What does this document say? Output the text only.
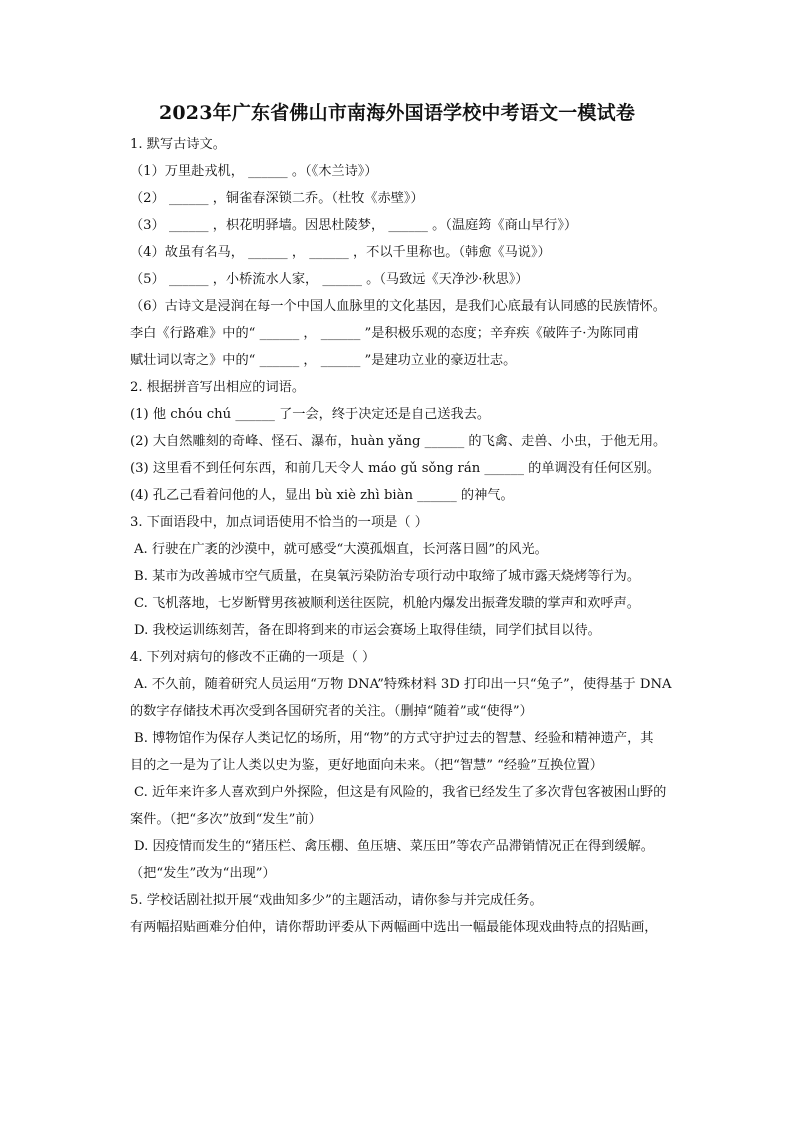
2023年广东省佛山市南海外国语学校中考语文一模试卷
1. 默写古诗文。
（1）万里赴戎机， ______ 。（《木兰诗》）
（2） ______ ，铜雀春深锁二乔。（杜牧《赤壁》）
（3） ______ ，枳花明驿墙。因思杜陵梦， ______ 。（温庭筠《商山早行》）
（4）故虽有名马， ______ ， ______ ，不以千里称也。（韩愈《马说》）
（5） ______ ，小桥流水人家， ______ 。（马致远《天净沙·秋思》）
（6）古诗文是浸润在每一个中国人血脉里的文化基因，是我们心底最有认同感的民族情怀。
李白《行路难》中的“ ______ ， ______ ”是积极乐观的态度；辛弃疾《破阵子·为陈同甫
赋壮词以寄之》中的“ ______ ， ______ ”是建功立业的豪迈壮志。
2. 根据拼音写出相应的词语。
(1) 他 chóu chú ______ 了一会，终于决定还是自己送我去。
(2) 大自然雕刻的奇峰、怪石、瀑布，huàn yǎng ______ 的飞禽、走兽、小虫，于他无用。
(3) 这里看不到任何东西，和前几天令人 máo gǔ sǒng rán ______ 的单调没有任何区别。
(4) 孔乙己看着问他的人，显出 bù xiè zhì biàn ______ 的神气。
3. 下面语段中，加点词语使用不恰当的一项是（ ）
A. 行驶在广袤的沙漠中，就可感受“大漠孤烟直，长河落日圆”的风光。
B. 某市为改善城市空气质量，在臭氧污染防治专项行动中取缔了城市露天烧烤等行为。
C. 飞机落地，七岁断臂男孩被顺利送往医院，机舱内爆发出振聋发聩的掌声和欢呼声。
D. 我校运训练刻苦，备在即将到来的市运会赛场上取得佳绩，同学们拭目以待。
4. 下列对病句的修改不正确的一项是（ ）
A. 不久前，随着研究人员运用“万物 DNA”特殊材料 3D 打印出一只“兔子”，使得基于 DNA
的数字存储技术再次受到各国研究者的关注。（删掉“随着”或“使得”）
B. 博物馆作为保存人类记忆的场所，用“物”的方式守护过去的智慧、经验和精神遗产，其
目的之一是为了让人类以史为鉴，更好地面向未来。（把“智慧” “经验”互换位置）
C. 近年来许多人喜欢到户外探险，但这是有风险的，我省已经发生了多次背包客被困山野的
案件。（把“多次”放到“发生”前）
D. 因疫情而发生的“猪压栏、禽压棚、鱼压塘、菜压田”等农产品滞销情况正在得到缓解。
（把“发生”改为“出现”）
5. 学校话剧社拟开展“戏曲知多少”的主题活动，请你参与并完成任务。
有两幅招贴画难分伯仲，请你帮助评委从下两幅画中选出一幅最能体现戏曲特点的招贴画，
